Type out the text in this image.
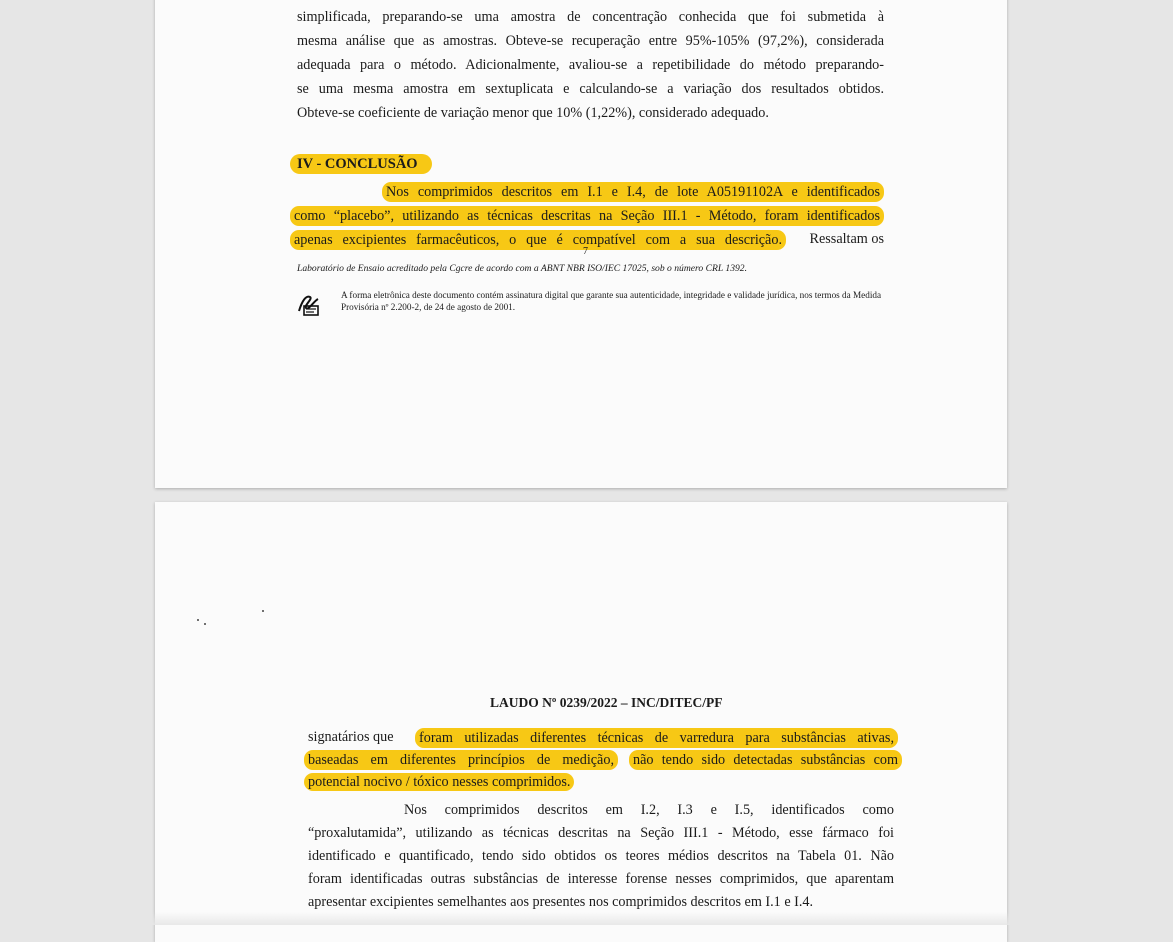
simplificada, preparando-se uma amostra de concentração conhecida que foi submetida à
mesma análise que as amostras. Obteve-se recuperação entre 95%-105% (97,2%), considerada
adequada para o método. Adicionalmente, avaliou-se a repetibilidade do método preparando-
se uma mesma amostra em sextuplicata e calculando-se a variação dos resultados obtidos.
Obteve-se coeficiente de variação menor que 10% (1,22%), considerado adequado.
IV - CONCLUSÃO
Nos comprimidos descritos em I.1 e I.4, de lote A05191102A e identificados
como “placebo”, utilizando as técnicas descritas na Seção III.1 - Método, foram identificados
apenas excipientes farmacêuticos, o que é compatível com a sua descrição. Ressaltam os
7
Laboratório de Ensaio acreditado pela Cgcre de acordo com a ABNT NBR ISO/IEC 17025, sob o número CRL 1392.
A forma eletrônica deste documento contém assinatura digital que garante sua autenticidade, integridade e validade jurídica, nos termos da Medida Provisória nº 2.200-2, de 24 de agosto de 2001.
LAUDO Nº 0239/2022 – INC/DITEC/PF
signatários que foram utilizadas diferentes técnicas de varredura para substâncias ativas,
baseadas em diferentes princípios de medição, não tendo sido detectadas substâncias com
potencial nocivo / tóxico nesses comprimidos.
Nos comprimidos descritos em I.2, I.3 e I.5, identificados como
“proxalutamida”, utilizando as técnicas descritas na Seção III.1 - Método, esse fármaco foi
identificado e quantificado, tendo sido obtidos os teores médios descritos na Tabela 01. Não
foram identificadas outras substâncias de interesse forense nesses comprimidos, que aparentam
apresentar excipientes semelhantes aos presentes nos comprimidos descritos em I.1 e I.4.
